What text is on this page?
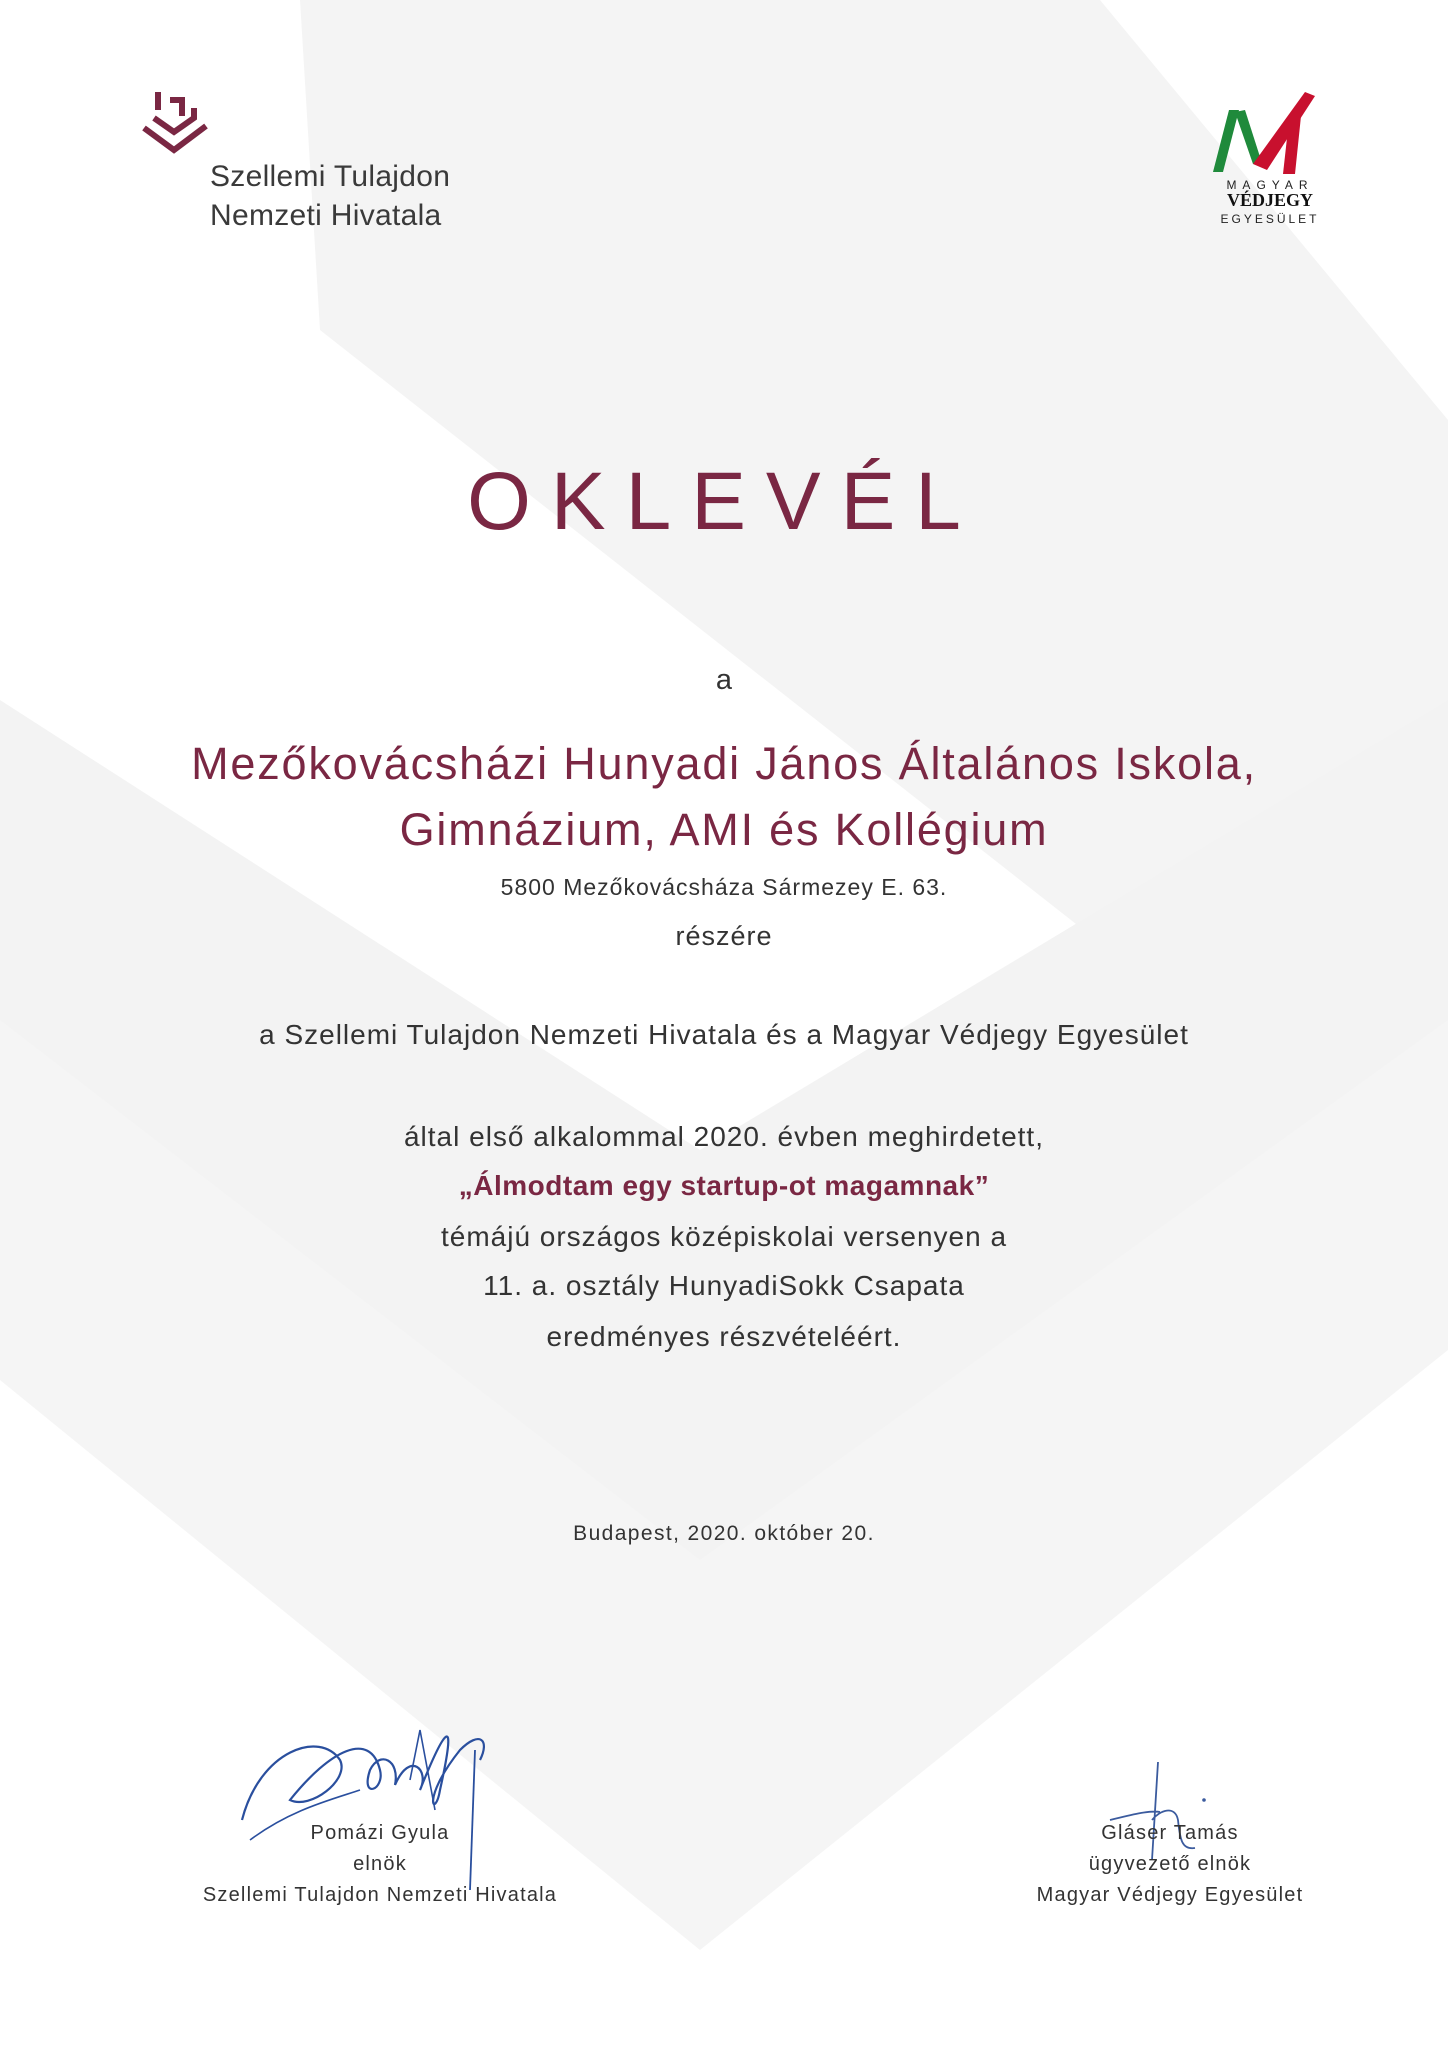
Szellemi Tulajdon
Nemzeti Hivatala
MAGYAR
VÉDJEGY
EGYESÜLET
OKLEVÉL
a
Mezőkovácsházi Hunyadi János Általános Iskola,
Gimnázium, AMI és Kollégium
5800 Mezőkovácsháza Sármezey E. 63.
részére
a Szellemi Tulajdon Nemzeti Hivatala és a Magyar Védjegy Egyesület
által első alkalommal 2020. évben meghirdetett,
„Álmodtam egy startup-ot magamnak”
témájú országos középiskolai versenyen a
11. a. osztály HunyadiSokk Csapata
eredményes részvételéért.
Budapest, 2020. október 20.
Pomázi Gyula
elnök
Szellemi Tulajdon Nemzeti Hivatala
Gláser Tamás
ügyvezető elnök
Magyar Védjegy Egyesület
